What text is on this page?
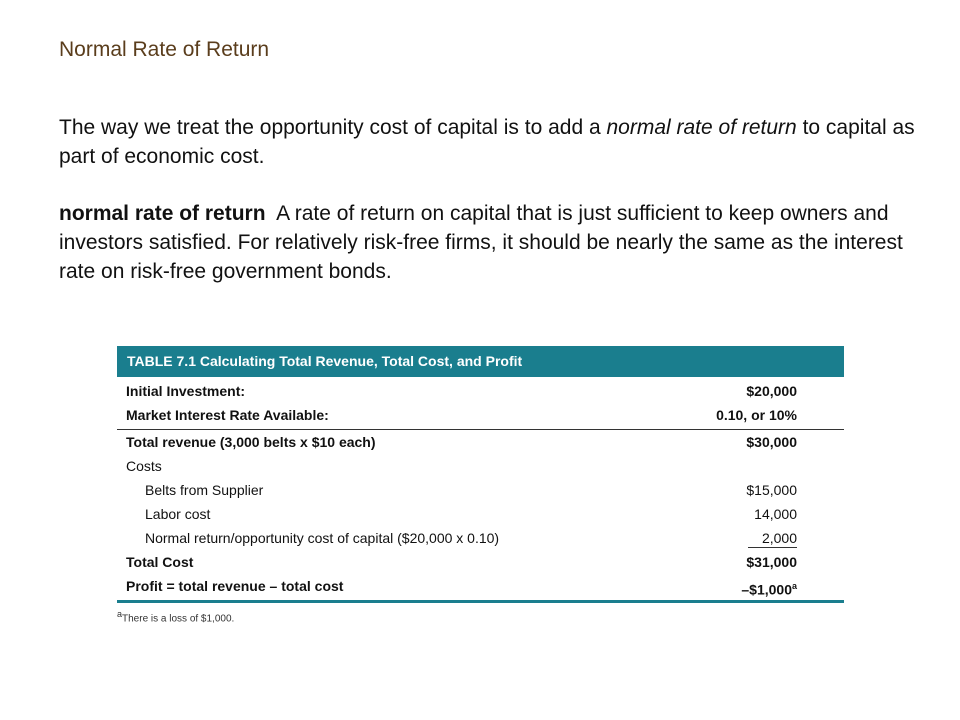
Normal Rate of Return
The way we treat the opportunity cost of capital is to add a normal rate of return to capital as part of economic cost.
normal rate of return A rate of return on capital that is just sufficient to keep owners and investors satisfied. For relatively risk-free firms, it should be nearly the same as the interest rate on risk-free government bonds.
TABLE 7.1 Calculating Total Revenue, Total Cost, and Profit
Initial Investment:	$20,000
Market Interest Rate Available:	0.10, or 10%
Total revenue (3,000 belts x $10 each)	$30,000
Costs
Belts from Supplier	$15,000
Labor cost	14,000
Normal return/opportunity cost of capital ($20,000 x 0.10)	2,000
Total Cost	$31,000
Profit = total revenue – total cost	–$1,000$^a$
$^a$There is a loss of $1,000.
